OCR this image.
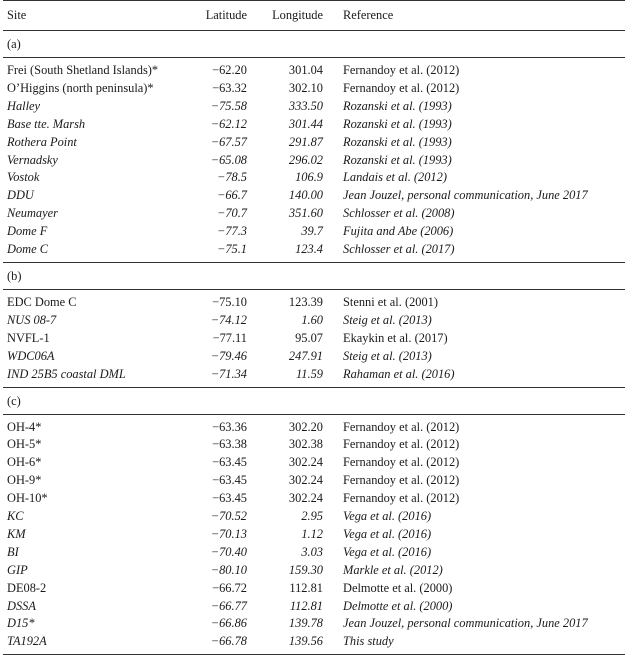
Site	Latitude	Longitude	Reference
(a)			
Frei (South Shetland Islands)*	−62.20	301.04	Fernandoy et al. (2012)
O’Higgins (north peninsula)*	−63.32	302.10	Fernandoy et al. (2012)
Halley	−75.58	333.50	Rozanski et al. (1993)
Base tte. Marsh	−62.12	301.44	Rozanski et al. (1993)
Rothera Point	−67.57	291.87	Rozanski et al. (1993)
Vernadsky	−65.08	296.02	Rozanski et al. (1993)
Vostok	−78.5	106.9	Landais et al. (2012)
DDU	−66.7	140.00	Jean Jouzel, personal communication, June 2017
Neumayer	−70.7	351.60	Schlosser et al. (2008)
Dome F	−77.3	39.7	Fujita and Abe (2006)
Dome C	−75.1	123.4	Schlosser et al. (2017)
(b)			
EDC Dome C	−75.10	123.39	Stenni et al. (2001)
NUS 08-7	−74.12	1.60	Steig et al. (2013)
NVFL-1	−77.11	95.07	Ekaykin et al. (2017)
WDC06A	−79.46	247.91	Steig et al. (2013)
IND 25B5 coastal DML	−71.34	11.59	Rahaman et al. (2016)
(c)			
OH-4*	−63.36	302.20	Fernandoy et al. (2012)
OH-5*	−63.38	302.38	Fernandoy et al. (2012)
OH-6*	−63.45	302.24	Fernandoy et al. (2012)
OH-9*	−63.45	302.24	Fernandoy et al. (2012)
OH-10*	−63.45	302.24	Fernandoy et al. (2012)
KC	−70.52	2.95	Vega et al. (2016)
KM	−70.13	1.12	Vega et al. (2016)
BI	−70.40	3.03	Vega et al. (2016)
GIP	−80.10	159.30	Markle et al. (2012)
DE08-2	−66.72	112.81	Delmotte et al. (2000)
DSSA	−66.77	112.81	Delmotte et al. (2000)
D15*	−66.86	139.78	Jean Jouzel, personal communication, June 2017
TA192A	−66.78	139.56	This study
